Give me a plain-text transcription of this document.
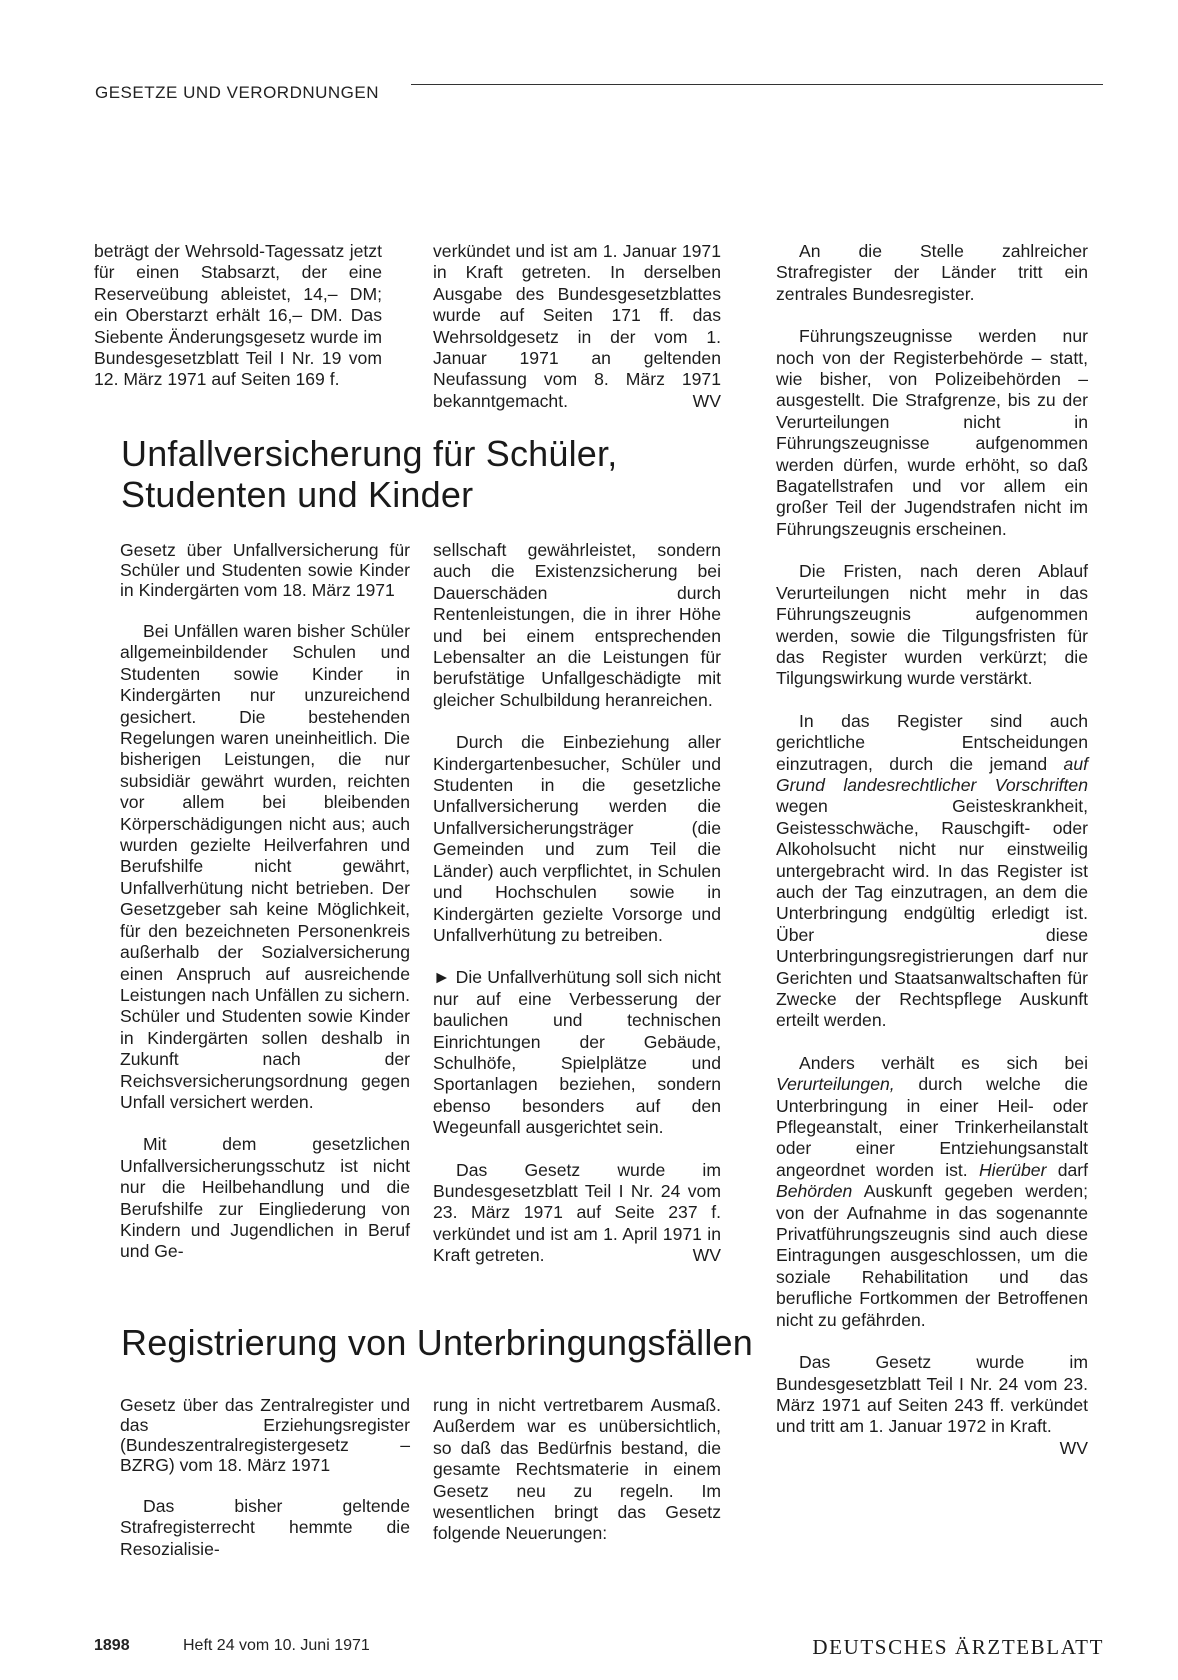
GESETZE UND VERORDNUNGEN

beträgt der Wehrsold-Tagessatz jetzt für einen Stabsarzt, der eine Reserveübung ableistet, 14,– DM; ein Oberstarzt erhält 16,– DM. Das Siebente Änderungsgesetz wurde im Bundesgesetzblatt Teil I Nr. 19 vom 12. März 1971 auf Seiten 169 f.

verkündet und ist am 1. Januar 1971 in Kraft getreten. In derselben Ausgabe des Bundesgesetzblattes wurde auf Seiten 171 ff. das Wehrsoldgesetz in der vom 1. Januar 1971 an geltenden Neufassung vom 8. März 1971 bekanntgemacht.	WV

Unfallversicherung für Schüler,
Studenten und Kinder

Gesetz über Unfallversicherung für Schüler und Studenten sowie Kinder in Kindergärten vom 18. März 1971

Bei Unfällen waren bisher Schüler allgemeinbildender Schulen und Studenten sowie Kinder in Kindergärten nur unzureichend gesichert. Die bestehenden Regelungen waren uneinheitlich. Die bisherigen Leistungen, die nur subsidiär gewährt wurden, reichten vor allem bei bleibenden Körperschädigungen nicht aus; auch wurden gezielte Heilverfahren und Berufshilfe nicht gewährt, Unfallverhütung nicht betrieben. Der Gesetzgeber sah keine Möglichkeit, für den bezeichneten Personenkreis außerhalb der Sozialversicherung einen Anspruch auf ausreichende Leistungen nach Unfällen zu sichern. Schüler und Studenten sowie Kinder in Kindergärten sollen deshalb in Zukunft nach der Reichsversicherungsordnung gegen Unfall versichert werden.

Mit dem gesetzlichen Unfallversicherungsschutz ist nicht nur die Heilbehandlung und die Berufshilfe zur Eingliederung von Kindern und Jugendlichen in Beruf und Ge-

sellschaft gewährleistet, sondern auch die Existenzsicherung bei Dauerschäden durch Rentenleistungen, die in ihrer Höhe und bei einem entsprechenden Lebensalter an die Leistungen für berufstätige Unfallgeschädigte mit gleicher Schulbildung heranreichen.

Durch die Einbeziehung aller Kindergartenbesucher, Schüler und Studenten in die gesetzliche Unfallversicherung werden die Unfallversicherungsträger (die Gemeinden und zum Teil die Länder) auch verpflichtet, in Schulen und Hochschulen sowie in Kindergärten gezielte Vorsorge und Unfallverhütung zu betreiben.

► Die Unfallverhütung soll sich nicht nur auf eine Verbesserung der baulichen und technischen Einrichtungen der Gebäude, Schulhöfe, Spielplätze und Sportanlagen beziehen, sondern ebenso besonders auf den Wegeunfall ausgerichtet sein.

Das Gesetz wurde im Bundesgesetzblatt Teil I Nr. 24 vom 23. März 1971 auf Seite 237 f. verkündet und ist am 1. April 1971 in Kraft getreten.	WV

Registrierung von Unterbringungsfällen

Gesetz über das Zentralregister und das Erziehungsregister (Bundeszentralregistergesetz – BZRG) vom 18. März 1971

Das bisher geltende Strafregisterrecht hemmte die Resozialisie-

rung in nicht vertretbarem Ausmaß. Außerdem war es unübersichtlich, so daß das Bedürfnis bestand, die gesamte Rechtsmaterie in einem Gesetz neu zu regeln. Im wesentlichen bringt das Gesetz folgende Neuerungen:

An die Stelle zahlreicher Strafregister der Länder tritt ein zentrales Bundesregister.

Führungszeugnisse werden nur noch von der Registerbehörde – statt, wie bisher, von Polizeibehörden – ausgestellt. Die Strafgrenze, bis zu der Verurteilungen nicht in Führungszeugnisse aufgenommen werden dürfen, wurde erhöht, so daß Bagatellstrafen und vor allem ein großer Teil der Jugendstrafen nicht im Führungszeugnis erscheinen.

Die Fristen, nach deren Ablauf Verurteilungen nicht mehr in das Führungszeugnis aufgenommen werden, sowie die Tilgungsfristen für das Register wurden verkürzt; die Tilgungswirkung wurde verstärkt.

In das Register sind auch gerichtliche Entscheidungen einzutragen, durch die jemand auf Grund landesrechtlicher Vorschriften wegen Geisteskrankheit, Geistesschwäche, Rauschgift- oder Alkoholsucht nicht nur einstweilig untergebracht wird. In das Register ist auch der Tag einzutragen, an dem die Unterbringung endgültig erledigt ist. Über diese Unterbringungsregistrierungen darf nur Gerichten und Staatsanwaltschaften für Zwecke der Rechtspflege Auskunft erteilt werden.

Anders verhält es sich bei Verurteilungen, durch welche die Unterbringung in einer Heil- oder Pflegeanstalt, einer Trinkerheilanstalt oder einer Entziehungsanstalt angeordnet worden ist. Hierüber darf Behörden Auskunft gegeben werden; von der Aufnahme in das sogenannte Privatführungszeugnis sind auch diese Eintragungen ausgeschlossen, um die soziale Rehabilitation und das berufliche Fortkommen der Betroffenen nicht zu gefährden.

Das Gesetz wurde im Bundesgesetzblatt Teil I Nr. 24 vom 23. März 1971 auf Seiten 243 ff. verkündet und tritt am 1. Januar 1972 in Kraft.
WV

1898	Heft 24 vom 10. Juni 1971	DEUTSCHES ÄRZTEBLATT
